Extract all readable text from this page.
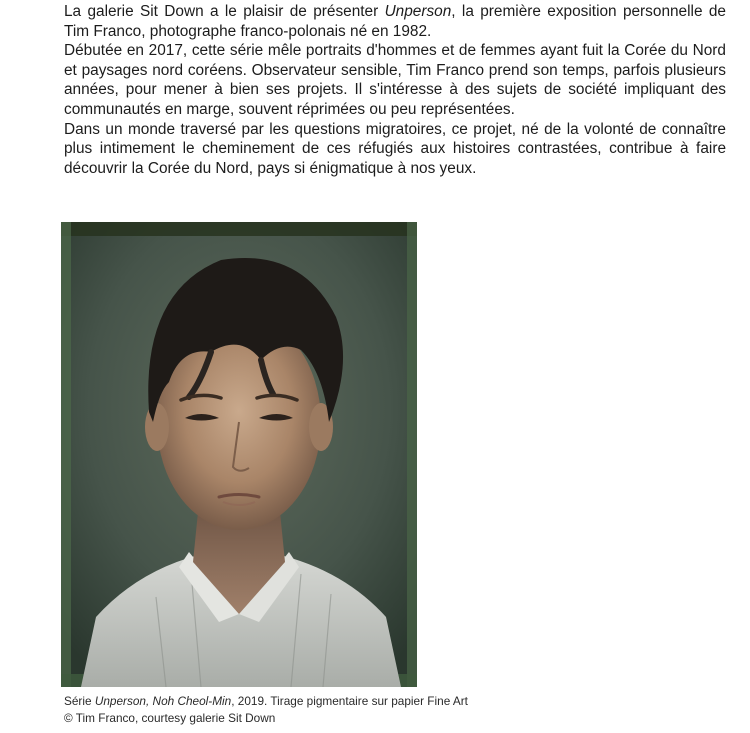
La galerie Sit Down a le plaisir de présenter Unperson, la première exposition personnelle de Tim Franco, photographe franco-polonais né en 1982.

Débutée en 2017, cette série mêle portraits d'hommes et de femmes ayant fuit la Corée du Nord et paysages nord coréens. Observateur sensible, Tim Franco prend son temps, parfois plusieurs années, pour mener à bien ses projets. Il s'intéresse à des sujets de société impliquant des communautés en marge, souvent réprimées ou peu représentées.

Dans un monde traversé par les questions migratoires, ce projet, né de la volonté de connaître plus intimement le cheminement de ces réfugiés aux histoires contrastées, contribue à faire découvrir la Corée du Nord, pays si énigmatique à nos yeux.

Série Unperson, Noh Cheol-Min, 2019. Tirage pigmentaire sur papier Fine Art
© Tim Franco, courtesy galerie Sit Down
